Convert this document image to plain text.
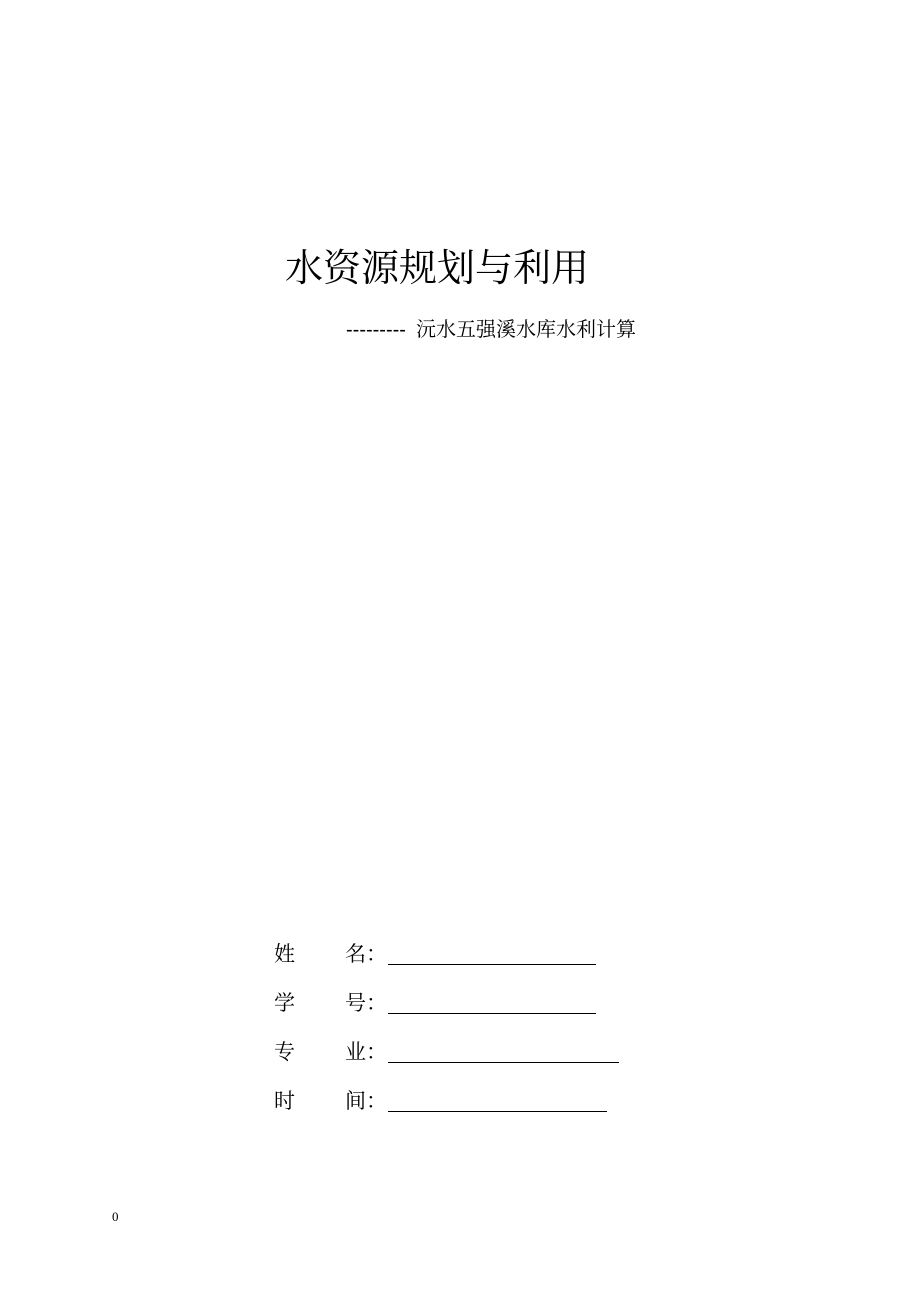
水资源规划与利用
--------- 沅水五强溪水库水利计算
姓	名 ：
学	号 ：
专	业 ：
时	间 ：
0
